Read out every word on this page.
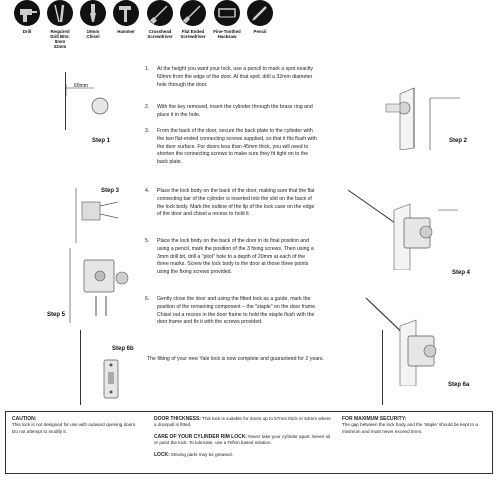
Drill	Required
Drill Bits:
8mm
32mm
19mm
Chisel
Hammer	Crosshead
Screwdriver
Flat Ended
Screwdriver
Fine-Toothed
Hacksaw
Pencil
60mm
Step 1
Step 3
Step 5
Step 6b
1.	At the height you want your lock, use a pencil to mark a spot exactly 60mm from the edge of the door. At that spot, drill a 32mm diameter hole through the door.
2.	With the key removed, insert the cylinder through the brass ring and place it in the hole.
3.	From the back of the door, secure the back plate to the cylinder with the two flat-ended connecting screws supplied, so that it fits flush with the door surface. For doors less than 45mm thick, you will need to shorten the connecting screws to make sure they fit tight on to the back plate.
4.	Place the lock body on the back of the door, making sure that the flat connecting bar of the cylinder is inserted into the slot on the back of the lock body. Mark the outline of the lip of the lock case on the edge of the door and chisel a recess to hold it.
5.	Place the lock body on the back of the door in its final position and using a pencil, mark the position of the 3 fixing screws. Then using a 3mm drill bit, drill a "pilot" hole to a depth of 20mm at each of the three marks. Screw the lock body to the door at those three points using the fixing screws provided.
6.	Gently close the door and using the fitted lock as a guide, mark the position of the remaining component – the "staple" on the door frame. Chisel out a recess in the door frame to hold the staple flush with the door frame and fix it with the screws provided.
The fitting of your new Yale lock is now complete and guaranteed for 2 years.
Step 2
Step 4
Step 6a
CAUTION:
This lock is not designed for use with outward opening doors.
Do not attempt to modify it.
DOOR THICKNESS: This lock is suitable for doors up to 57mm thick or 54mm where a doorpull is fitted.
CARE OF YOUR CYLINDER RIM LOCK: Never take your cylinder apart. Never oil or paint the lock. To lubricate, use a Teflon based solution.
LOCK: Moving parts may be greased.
FOR MAXIMUM SECURITY:
The gap between the lock body and the 'staple' should be kept to a minimum and must never exceed 5mm.
